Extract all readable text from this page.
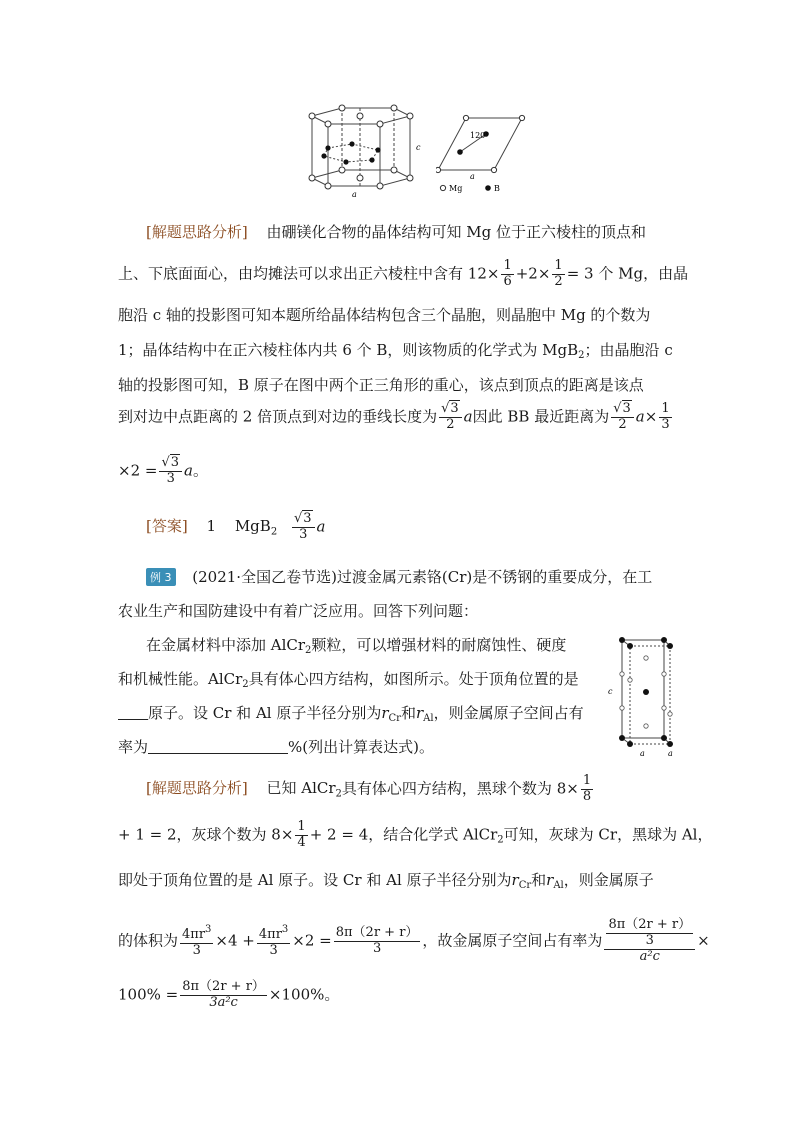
c
a
120°
a
Mg	B
[解题思路分析] 由硼镁化合物的晶体结构可知 Mg 位于正六棱柱的顶点和
上、下底面面心，由均摊法可以求出正六棱柱中含有 $12\times \frac{1}{6} +2\times \frac{1}{2} = 3$ 个 Mg，由晶
胞沿 c 轴的投影图可知本题所给晶体结构包含三个晶胞，则晶胞中 Mg 的个数为
1；晶体结构中在正六棱柱体内共 6 个 B，则该物质的化学式为 MgB$_2$；由晶胞沿 c
轴的投影图可知，B 原子在图中两个正三角形的重心，该点到顶点的距离是该点
到对边中点距离的 2 倍顶点到对边的垂线长度为 $\frac{√3}{2}$ a因此 BB 最近距离为 $\frac{√3}{2} a\times \frac{1}{3}$
$\times 2 = \frac{√3}{3}$ a。
[答案] 1 $MgB_2 \frac{√3}{3}$ a
例 3 (2021·全国乙卷节选)过渡金属元素铬(Cr)是不锈钢的重要成分，在工
农业生产和国防建设中有着广泛应用。回答下列问题：
在金属材料中添加 AlCr$_2$颗粒，可以增强材料的耐腐蚀性、硬度
和机械性能。AlCr$_2$具有体心四方结构，如图所示。处于顶角位置的是
原子。设 Cr 和 Al 原子半径分别为$r_{Cr}$和$r_{Al}$，则金属原子空间占有
率为	%(列出计算表达式)。
c
a	a
[解题思路分析] 已知 AlCr$_2$具有体心四方结构，黑球个数为 $8\times \frac{1}{8}$
+ 1 = 2，灰球个数为 $8\times \frac{1}{4} + 2 = 4$，结合化学式 AlCr$_2$可知，灰球为 Cr，黑球为 Al，
即处于顶角位置的是 Al 原子。设 Cr 和 Al 原子半径分别为$r_{Cr}$和$r_{Al}$，则金属原子
的体积为 $\frac{4\pi r^3}{3} \times 4 + \frac{4\pi r^3}{3} \times 2 = \frac{8\pi(2r + r)}{3}$ ，故金属原子空间占有率为 $\frac{\frac{8\pi(2r + r)}{3}}{\text{a²c}}$ ×
$100\% = \frac{8\pi(2r + r)}{\text{3a²c}} \times 100\%$。
